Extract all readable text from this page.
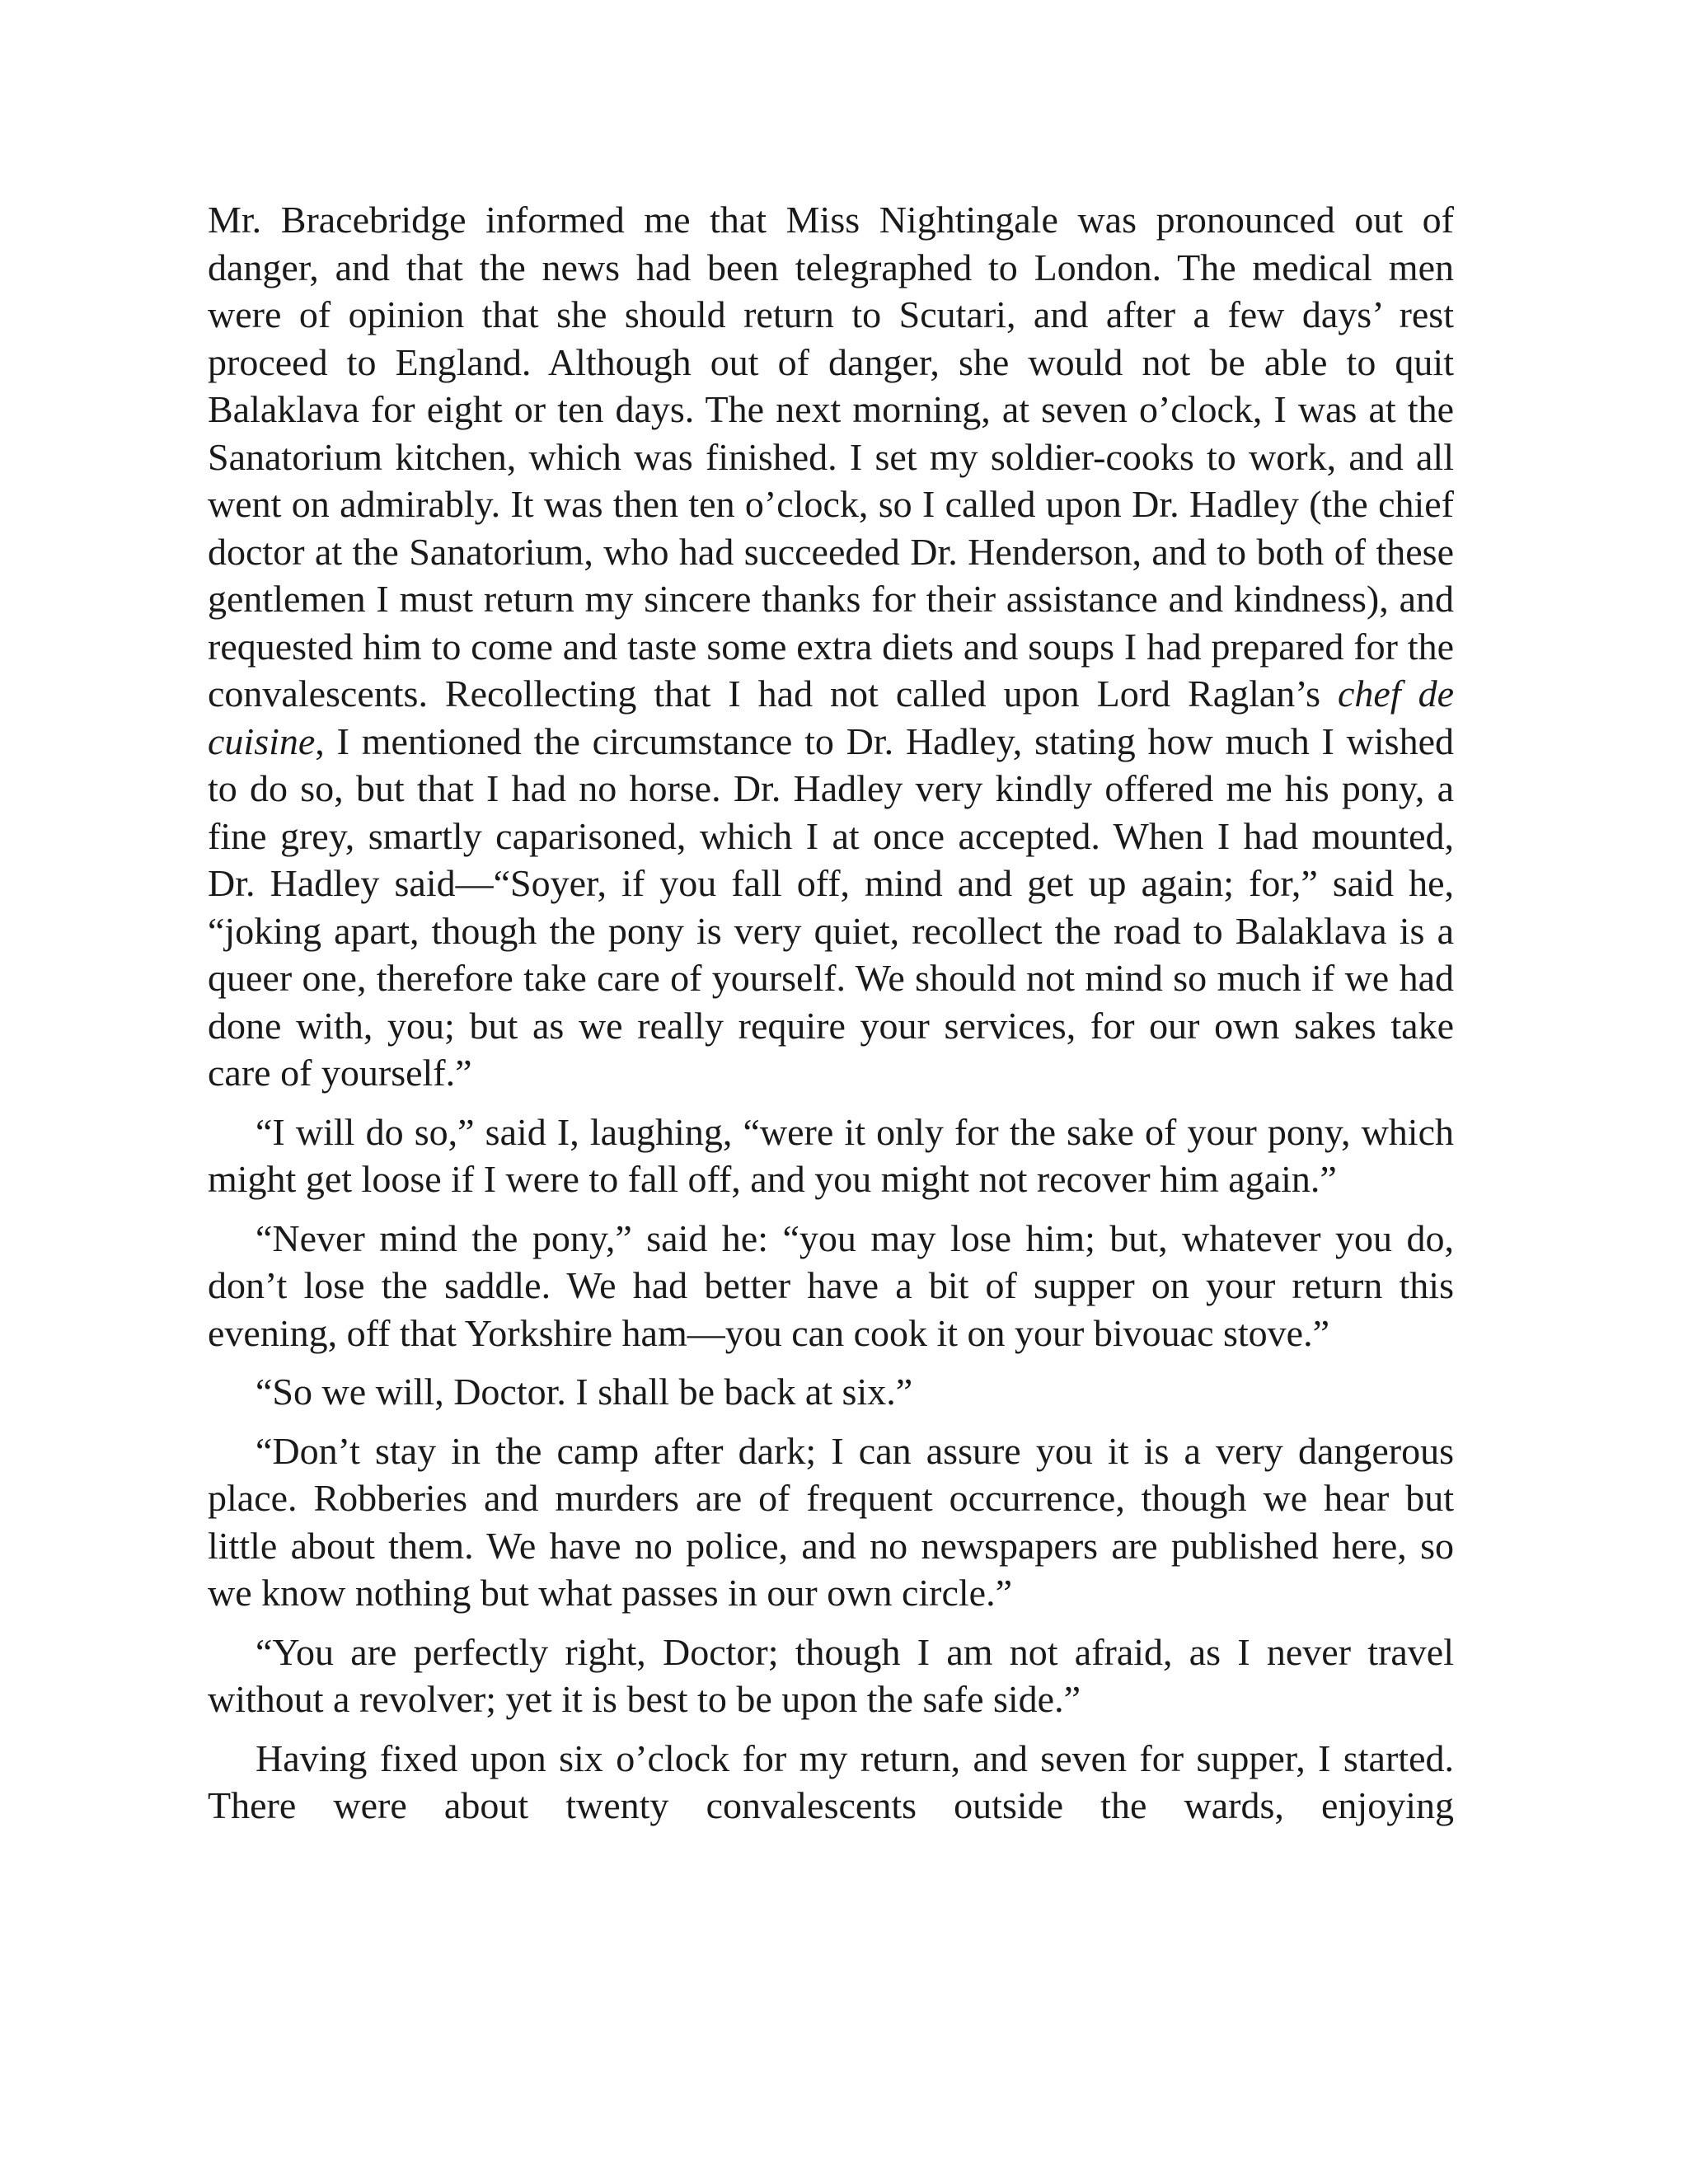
Mr. Bracebridge informed me that Miss Nightingale was pronounced out of danger, and that the news had been telegraphed to London. The medical men were of opinion that she should return to Scutari, and after a few days’ rest proceed to England. Although out of danger, she would not be able to quit Balaklava for eight or ten days. The next morning, at seven o’clock, I was at the Sanatorium kitchen, which was finished. I set my soldier-cooks to work, and all went on admirably. It was then ten o’clock, so I called upon Dr. Hadley (the chief doctor at the Sanatorium, who had succeeded Dr. Henderson, and to both of these gentlemen I must return my sincere thanks for their assistance and kindness), and requested him to come and taste some extra diets and soups I had prepared for the convalescents. Recollecting that I had not called upon Lord Raglan’s chef de cuisine, I mentioned the circumstance to Dr. Hadley, stating how much I wished to do so, but that I had no horse. Dr. Hadley very kindly offered me his pony, a fine grey, smartly caparisoned, which I at once accepted. When I had mounted, Dr. Hadley said—“Soyer, if you fall off, mind and get up again; for,” said he, “joking apart, though the pony is very quiet, recollect the road to Balaklava is a queer one, therefore take care of yourself. We should not mind so much if we had done with, you; but as we really require your services, for our own sakes take care of yourself.”

“I will do so,” said I, laughing, “were it only for the sake of your pony, which might get loose if I were to fall off, and you might not recover him again.”

“Never mind the pony,” said he: “you may lose him; but, whatever you do, don’t lose the saddle. We had better have a bit of supper on your return this evening, off that Yorkshire ham—you can cook it on your bivouac stove.”

“So we will, Doctor. I shall be back at six.”

“Don’t stay in the camp after dark; I can assure you it is a very dangerous place. Robberies and murders are of frequent occurrence, though we hear but little about them. We have no police, and no newspapers are published here, so we know nothing but what passes in our own circle.”

“You are perfectly right, Doctor; though I am not afraid, as I never travel without a revolver; yet it is best to be upon the safe side.”

Having fixed upon six o’clock for my return, and seven for supper, I started. There were about twenty convalescents outside the wards, enjoying
